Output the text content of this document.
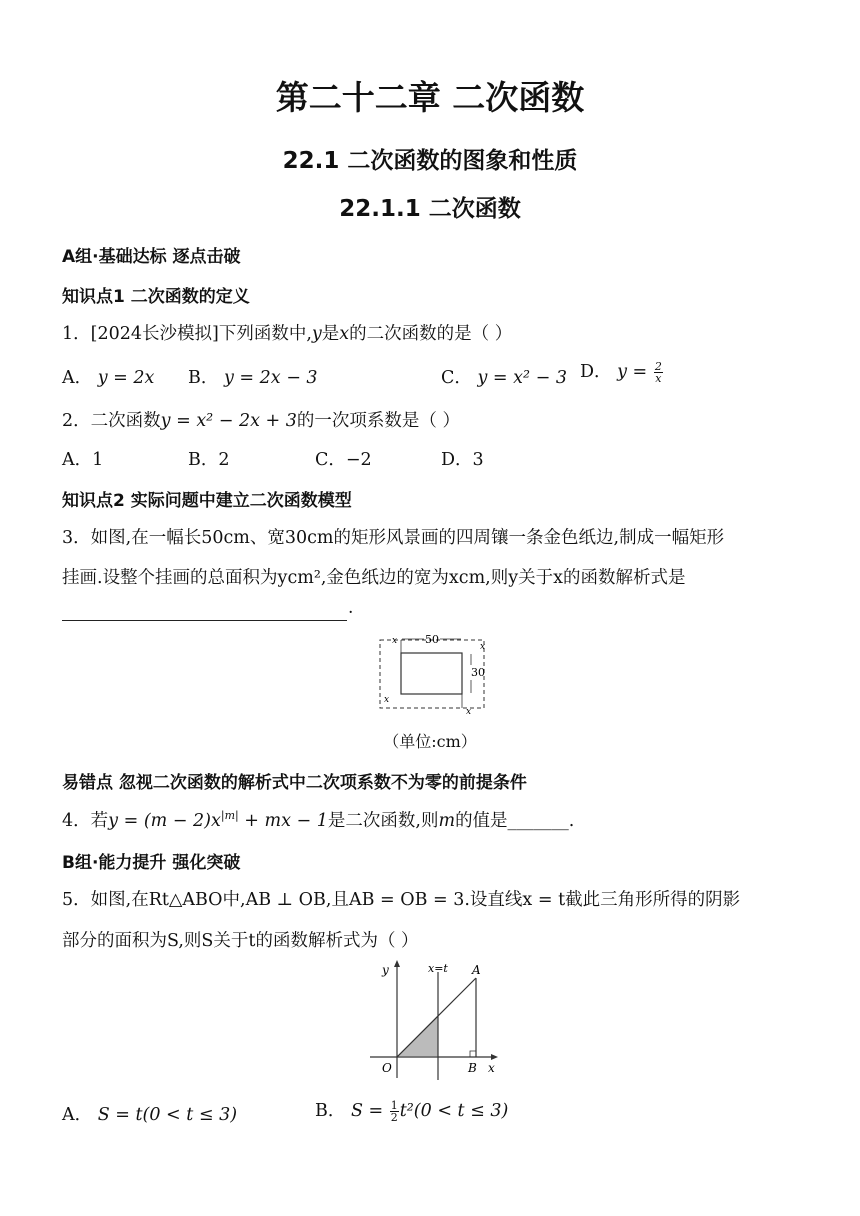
第二十二章 二次函数
22.1 二次函数的图象和性质
22.1.1 二次函数
A组·基础达标 逐点击破
知识点1 二次函数的定义
1．[2024长沙模拟]下列函数中,y是x的二次函数的是（ ）
A． y = 2x B． y = 2x − 3	C． y = x² − 3 D． $y = \frac{2}{x}$
2．二次函数y = x² − 2x + 3的一次项系数是（ ）
A．1	B．2	C．−2	D．3
知识点2 实际问题中建立二次函数模型
3．如图,在一幅长50cm、宽30cm的矩形风景画的四周镶一条金色纸边,制成一幅矩形
挂画.设整个挂画的总面积为ycm²,金色纸边的宽为xcm,则y关于x的函数解析式是
.
50
30
x
x
x
x
（单位:cm）
易错点 忽视二次函数的解析式中二次项系数不为零的前提条件
4．若$y = (m - 2)x^{|m|}$ + mx − 1是二次函数,则m的值是_______.
B组·能力提升 强化突破
5．如图,在Rt△ABO中,AB ⊥ OB,且AB = OB = 3.设直线x = t截此三角形所得的阴影
部分的面积为S,则S关于t的函数解析式为（ ）
y
x
O
A
B
x=t
A． S = t(0 < t ≤ 3)	B． $S = \frac{1}{2} t^2(0 < t \le 3)$
